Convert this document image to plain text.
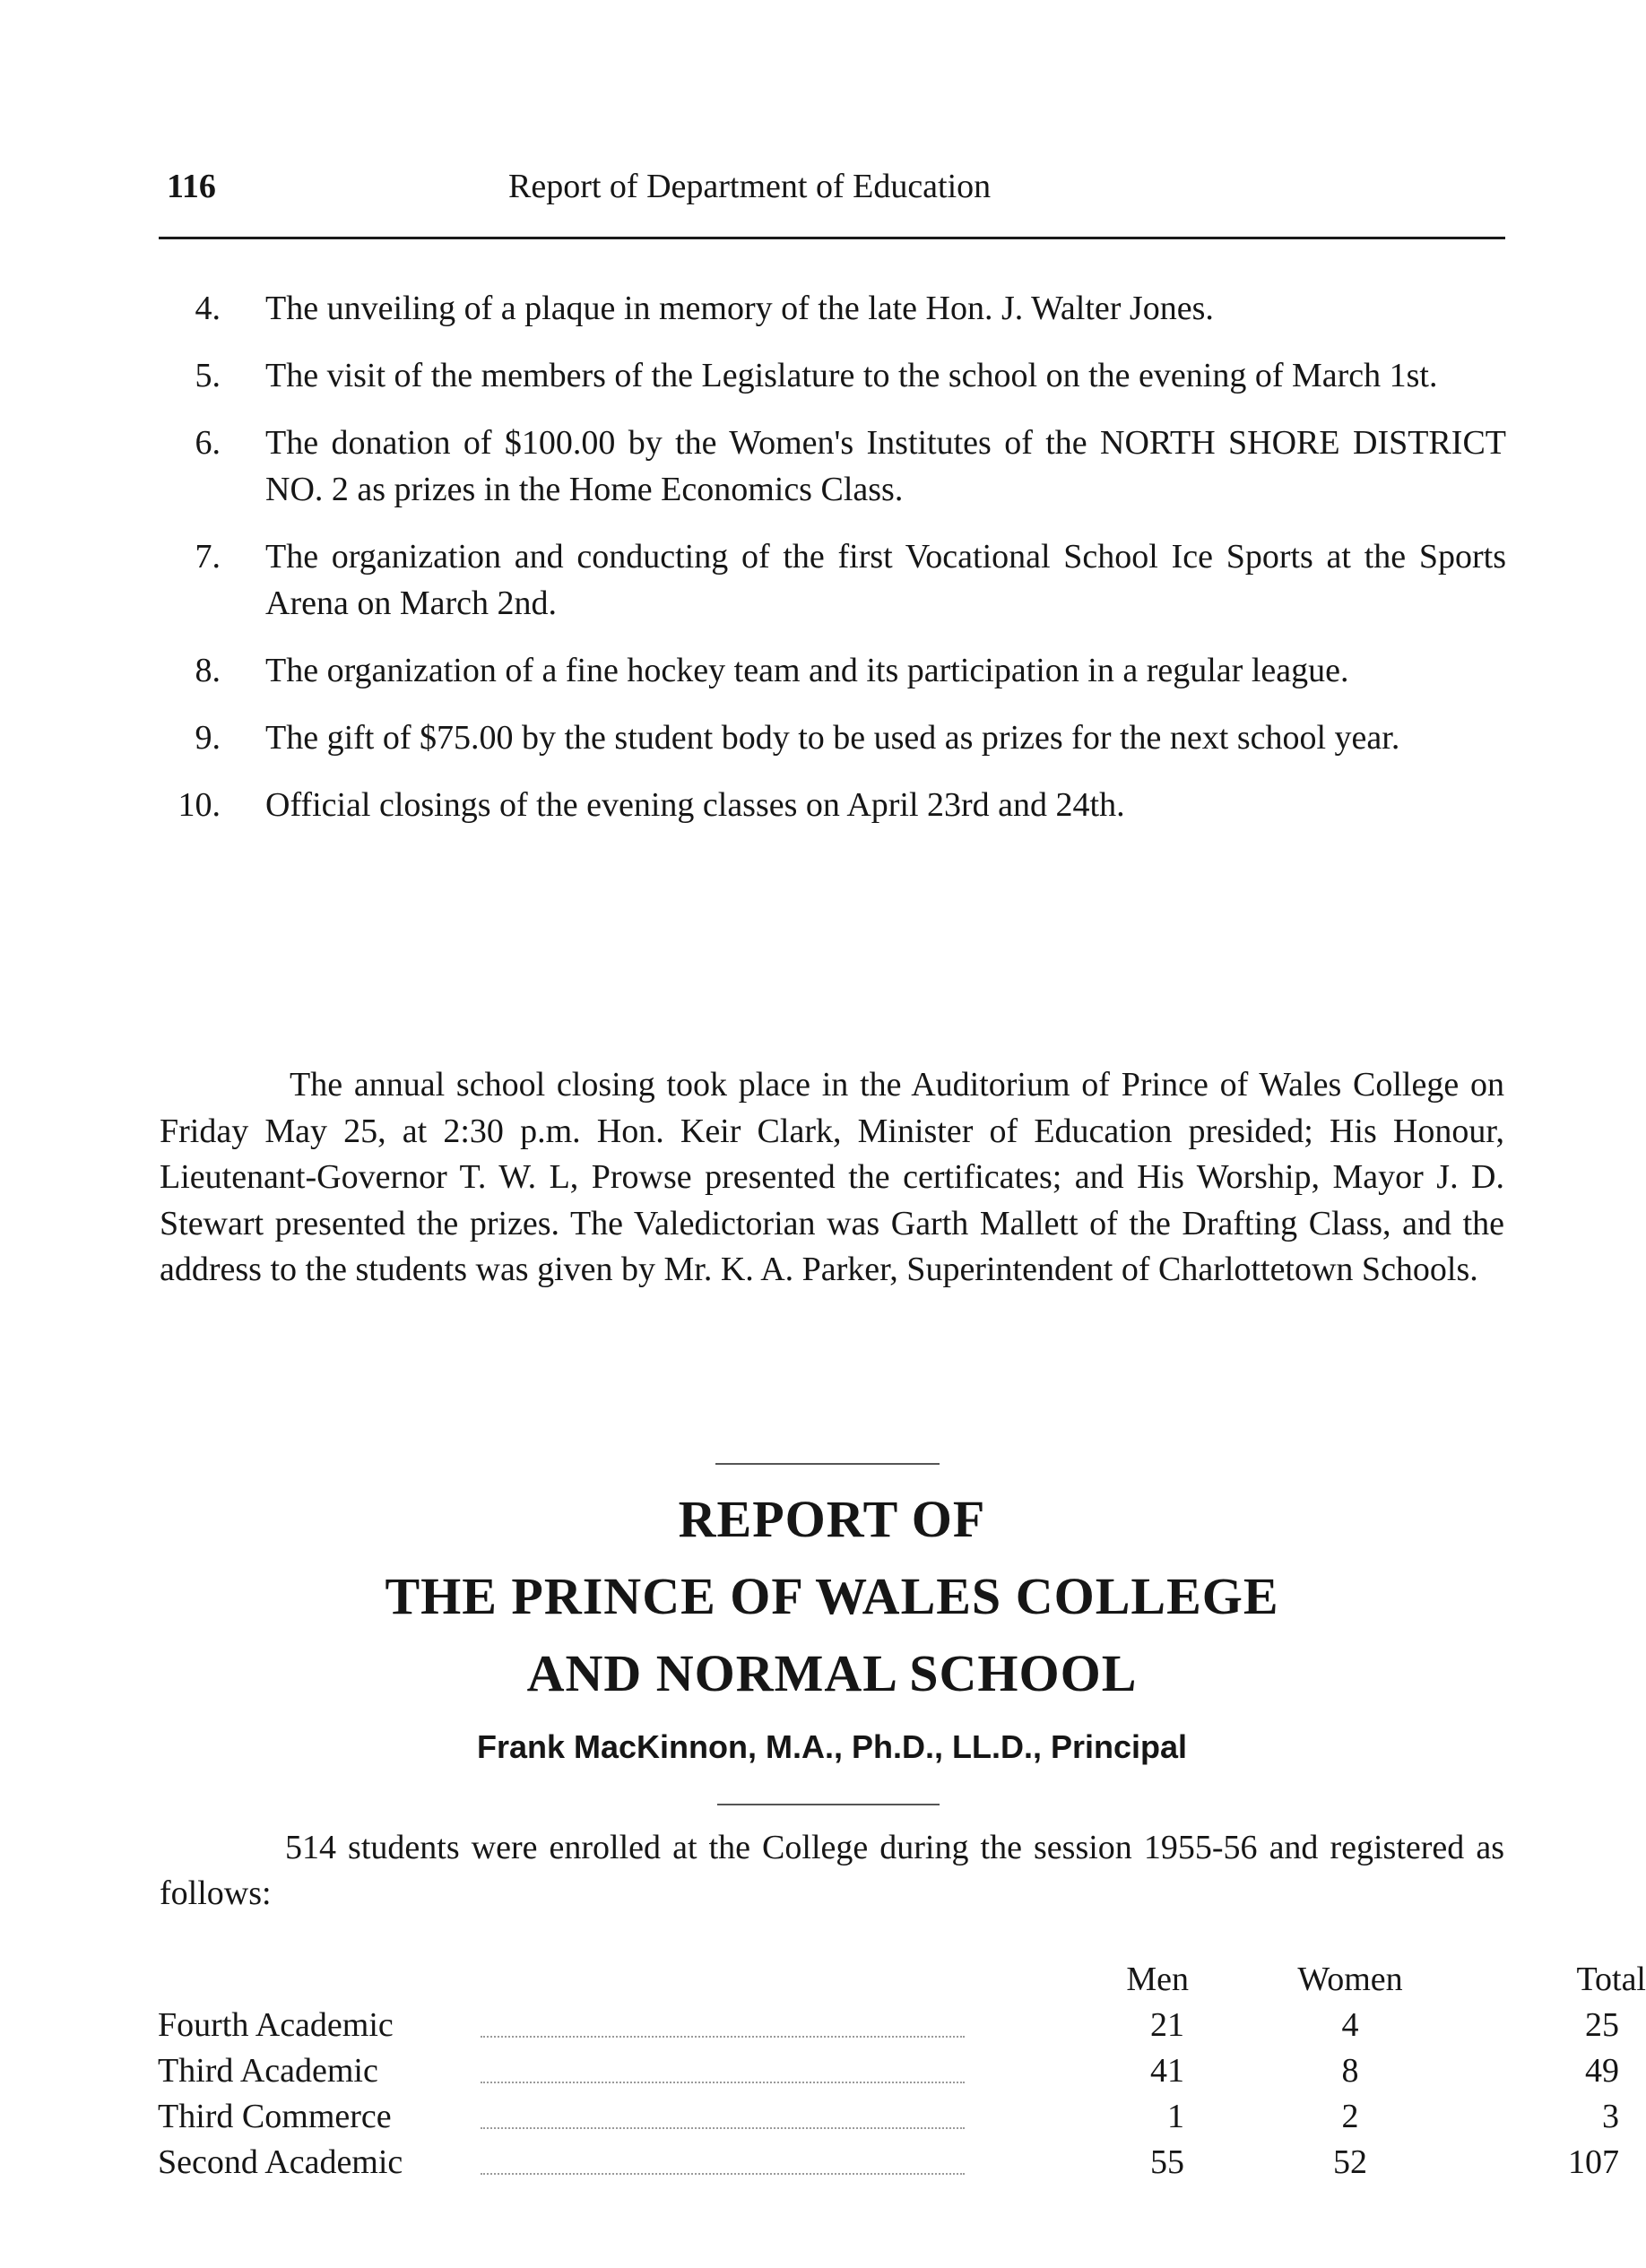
116	Report of Department of Education
4. The unveiling of a plaque in memory of the late Hon. J. Walter Jones.
5. The visit of the members of the Legislature to the school on the evening of March 1st.
6. The donation of $100.00 by the Women's Institutes of the NORTH SHORE DISTRICT NO. 2 as prizes in the Home Economics Class.
7. The organization and conducting of the first Vocational School Ice Sports at the Sports Arena on March 2nd.
8. The organization of a fine hockey team and its participation in a regular league.
9. The gift of $75.00 by the student body to be used as prizes for the next school year.
10. Official closings of the evening classes on April 23rd and 24th.
The annual school closing took place in the Auditorium of Prince of Wales College on Friday May 25, at 2:30 p.m. Hon. Keir Clark, Minister of Education presided; His Honour, Lieutenant-Governor T. W. L, Prowse presented the certificates; and His Worship, Mayor J. D. Stewart presented the prizes. The Valedictorian was Garth Mallett of the Drafting Class, and the address to the students was given by Mr. K. A. Parker, Superintendent of Charlottetown Schools.
REPORT OF
THE PRINCE OF WALES COLLEGE
AND NORMAL SCHOOL
Frank MacKinnon, M.A., Ph.D., LL.D., Principal
514 students were enrolled at the College during the session 1955-56 and registered as follows:
Men	Women	Total
Fourth Academic	21	4	25
Third Academic	41	8	49
Third Commerce	1	2	3
Second Academic	55	52	107
